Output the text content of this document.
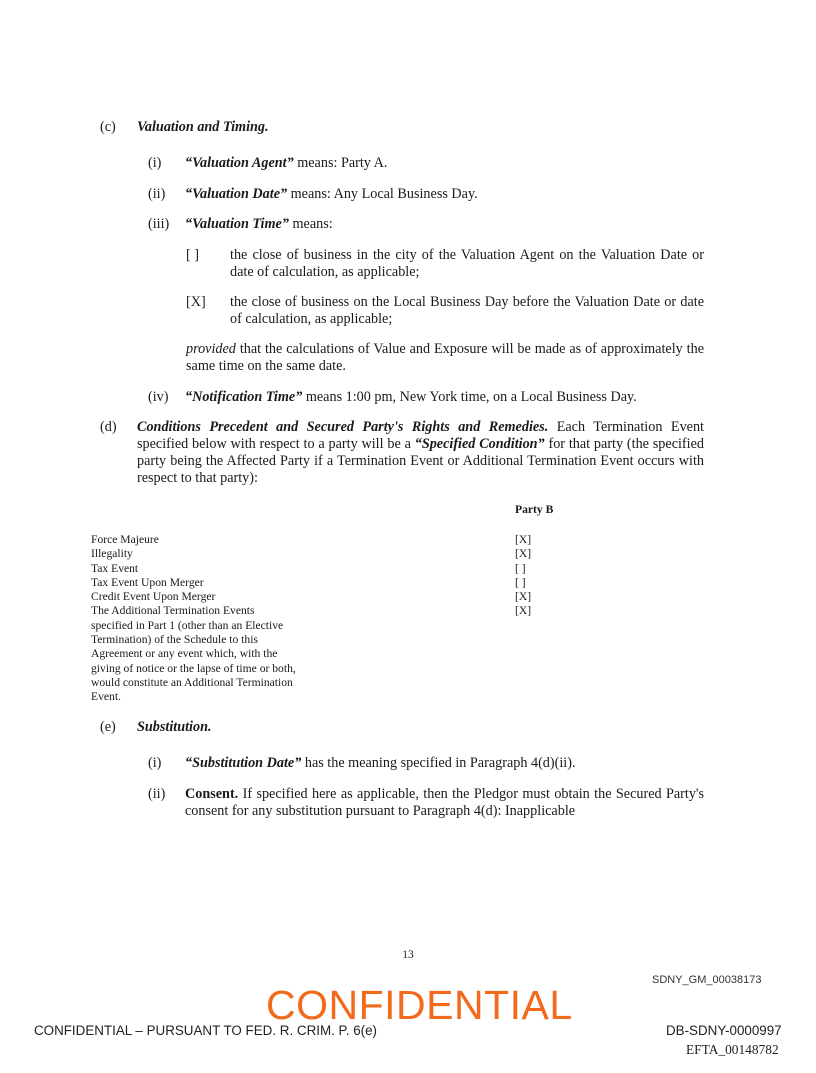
(c) Valuation and Timing.
(i) “Valuation Agent” means: Party A.
(ii) “Valuation Date” means: Any Local Business Day.
(iii) “Valuation Time” means:
[ ] the close of business in the city of the Valuation Agent on the Valuation Date or date of calculation, as applicable;
[X] the close of business on the Local Business Day before the Valuation Date or date of calculation, as applicable;
provided that the calculations of Value and Exposure will be made as of approximately the same time on the same date.
(iv) “Notification Time” means 1:00 pm, New York time, on a Local Business Day.
(d) Conditions Precedent and Secured Party's Rights and Remedies. Each Termination Event specified below with respect to a party will be a “Specified Condition” for that party (the specified party being the Affected Party if a Termination Event or Additional Termination Event occurs with respect to that party):
Party B
Force Majeure	[X]
Illegality	[X]
Tax Event	[ ]
Tax Event Upon Merger	[ ]
Credit Event Upon Merger	[X]
The Additional Termination Events	[X]
specified in Part 1 (other than an Elective Termination) of the Schedule to this Agreement or any event which, with the giving of notice or the lapse of time or both, would constitute an Additional Termination Event.
(e) Substitution.
(i) “Substitution Date” has the meaning specified in Paragraph 4(d)(ii).
(ii) Consent. If specified here as applicable, then the Pledgor must obtain the Secured Party's consent for any substitution pursuant to Paragraph 4(d): Inapplicable
13
SDNY_GM_00038173
CONFIDENTIAL
CONFIDENTIAL – PURSUANT TO FED. R. CRIM. P. 6(e)	DB-SDNY-0000997
EFTA_00148782
